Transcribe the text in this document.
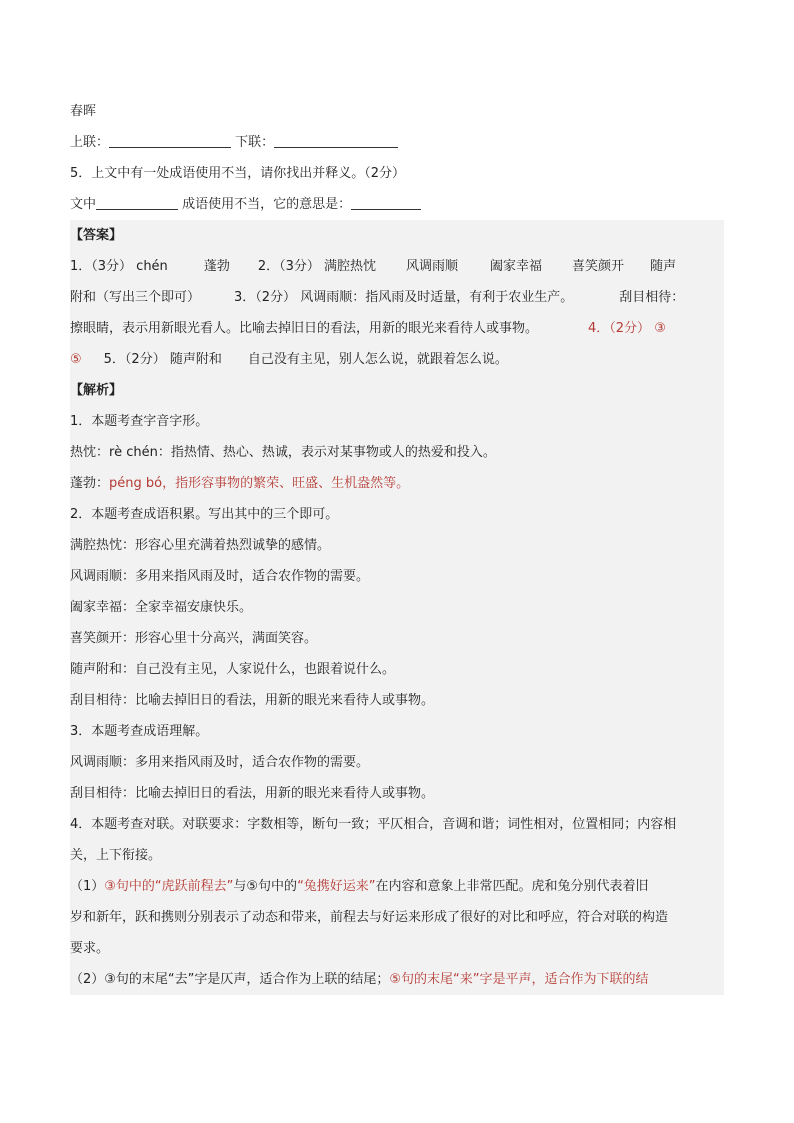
春晖
上联：	下联：
5．上文中有一处成语使用不当，请你找出并释义。（2分）
文中	成语使用不当，它的意思是：
【答案】
1．（3分） chén	蓬勃 2．（3分） 满腔热忱 风调雨顺 阖家幸福 喜笑颜开 随声
附和（写出三个即可）	3．（2分） 风调雨顺：指风雨及时适量，有利于农业生产。	刮目相待：
擦眼睛，表示用新眼光看人。比喻去掉旧日的看法，用新的眼光来看待人或事物。	4．（2分） ③
⑤ 5．（2分） 随声附和 自己没有主见，别人怎么说，就跟着怎么说。
【解析】
1．本题考查字音字形。
热忱：rè chén：指热情、热心、热诚，表示对某事物或人的热爱和投入。
蓬勃：péng bó，指形容事物的繁荣、旺盛、生机盎然等。
2．本题考查成语积累。写出其中的三个即可。
满腔热忱：形容心里充满着热烈诚挚的感情。
风调雨顺：多用来指风雨及时，适合农作物的需要。
阖家幸福：全家幸福安康快乐。
喜笑颜开：形容心里十分高兴，满面笑容。
随声附和：自己没有主见，人家说什么，也跟着说什么。
刮目相待：比喻去掉旧日的看法，用新的眼光来看待人或事物。
3．本题考查成语理解。
风调雨顺：多用来指风雨及时，适合农作物的需要。
刮目相待：比喻去掉旧日的看法，用新的眼光来看待人或事物。
4．本题考查对联。对联要求：字数相等，断句一致；平仄相合，音调和谐；词性相对，位置相同；内容相
关，上下衔接。
（1）③句中的“虎跃前程去”与⑤句中的“兔携好运来”在内容和意象上非常匹配。虎和兔分别代表着旧
岁和新年，跃和携则分别表示了动态和带来，前程去与好运来形成了很好的对比和呼应，符合对联的构造
要求。
（2）③句的末尾“去”字是仄声，适合作为上联的结尾；⑤句的末尾“来”字是平声，适合作为下联的结
